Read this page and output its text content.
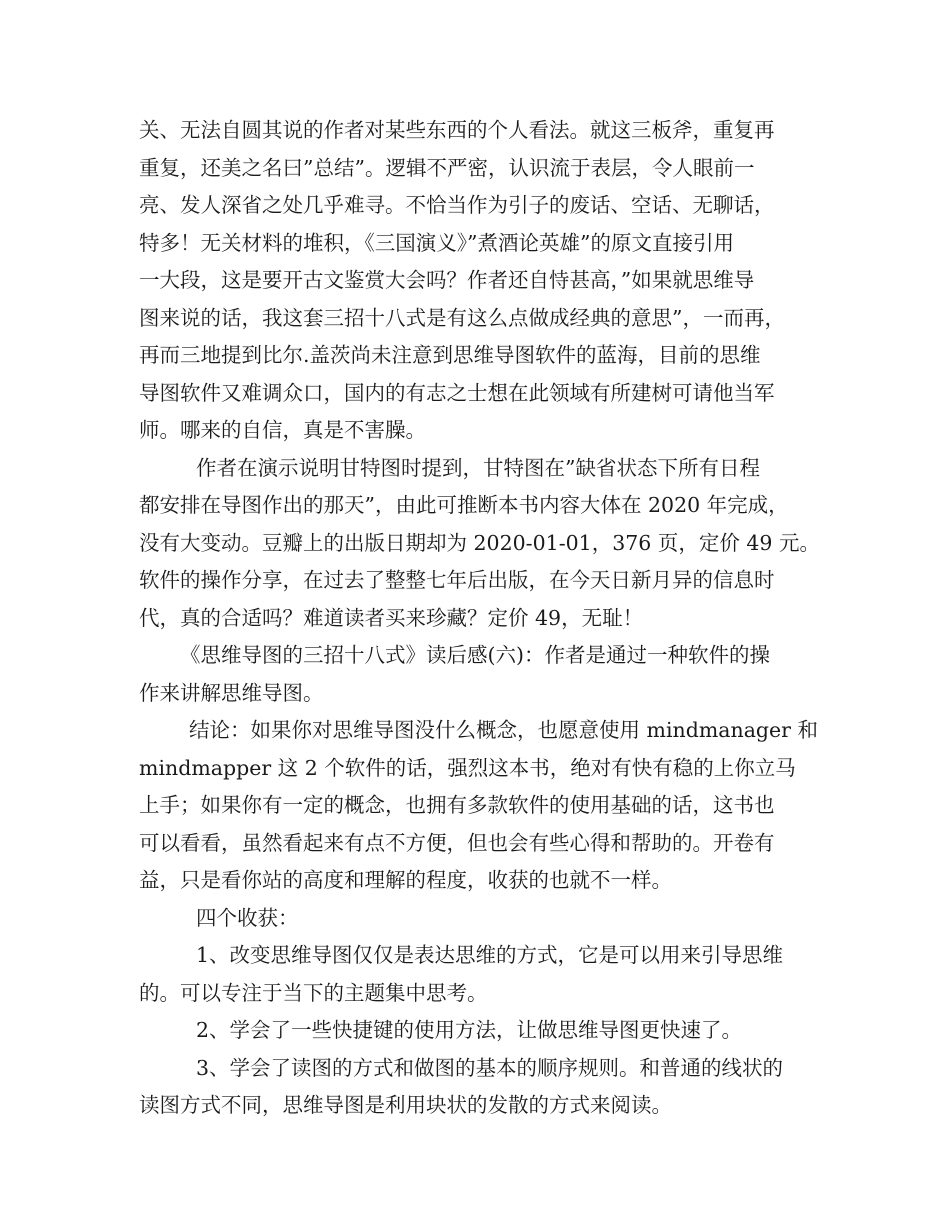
关、无法自圆其说的作者对某些东西的个人看法。就这三板斧，重复再
重复，还美之名曰”总结”。逻辑不严密，认识流于表层，令人眼前一
亮、发人深省之处几乎难寻。不恰当作为引子的废话、空话、无聊话，
特多！无关材料的堆积，《三国演义》”煮酒论英雄”的原文直接引用
一大段，这是要开古文鉴赏大会吗？作者还自恃甚高，”如果就思维导
图来说的话，我这套三招十八式是有这么点做成经典的意思”，一而再，
再而三地提到比尔.盖茨尚未注意到思维导图软件的蓝海，目前的思维
导图软件又难调众口，国内的有志之士想在此领域有所建树可请他当军
师。哪来的自信，真是不害臊。
作者在演示说明甘特图时提到，甘特图在”缺省状态下所有日程
都安排在导图作出的那天”，由此可推断本书内容大体在 2020 年完成，
没有大变动。豆瓣上的出版日期却为 2020-01-01，376 页，定价 49 元。
软件的操作分享，在过去了整整七年后出版，在今天日新月异的信息时
代，真的合适吗？难道读者买来珍藏？定价 49，无耻！
《思维导图的三招十八式》读后感(六)：作者是通过一种软件的操
作来讲解思维导图。
结论：如果你对思维导图没什么概念，也愿意使用 mindmanager 和
mindmapper 这 2 个软件的话，强烈这本书，绝对有快有稳的上你立马
上手；如果你有一定的概念，也拥有多款软件的使用基础的话，这书也
可以看看，虽然看起来有点不方便，但也会有些心得和帮助的。开卷有
益，只是看你站的高度和理解的程度，收获的也就不一样。
四个收获：
1、改变思维导图仅仅是表达思维的方式，它是可以用来引导思维
的。可以专注于当下的主题集中思考。
2、学会了一些快捷键的使用方法，让做思维导图更快速了。
3、学会了读图的方式和做图的基本的顺序规则。和普通的线状的
读图方式不同，思维导图是利用块状的发散的方式来阅读。
